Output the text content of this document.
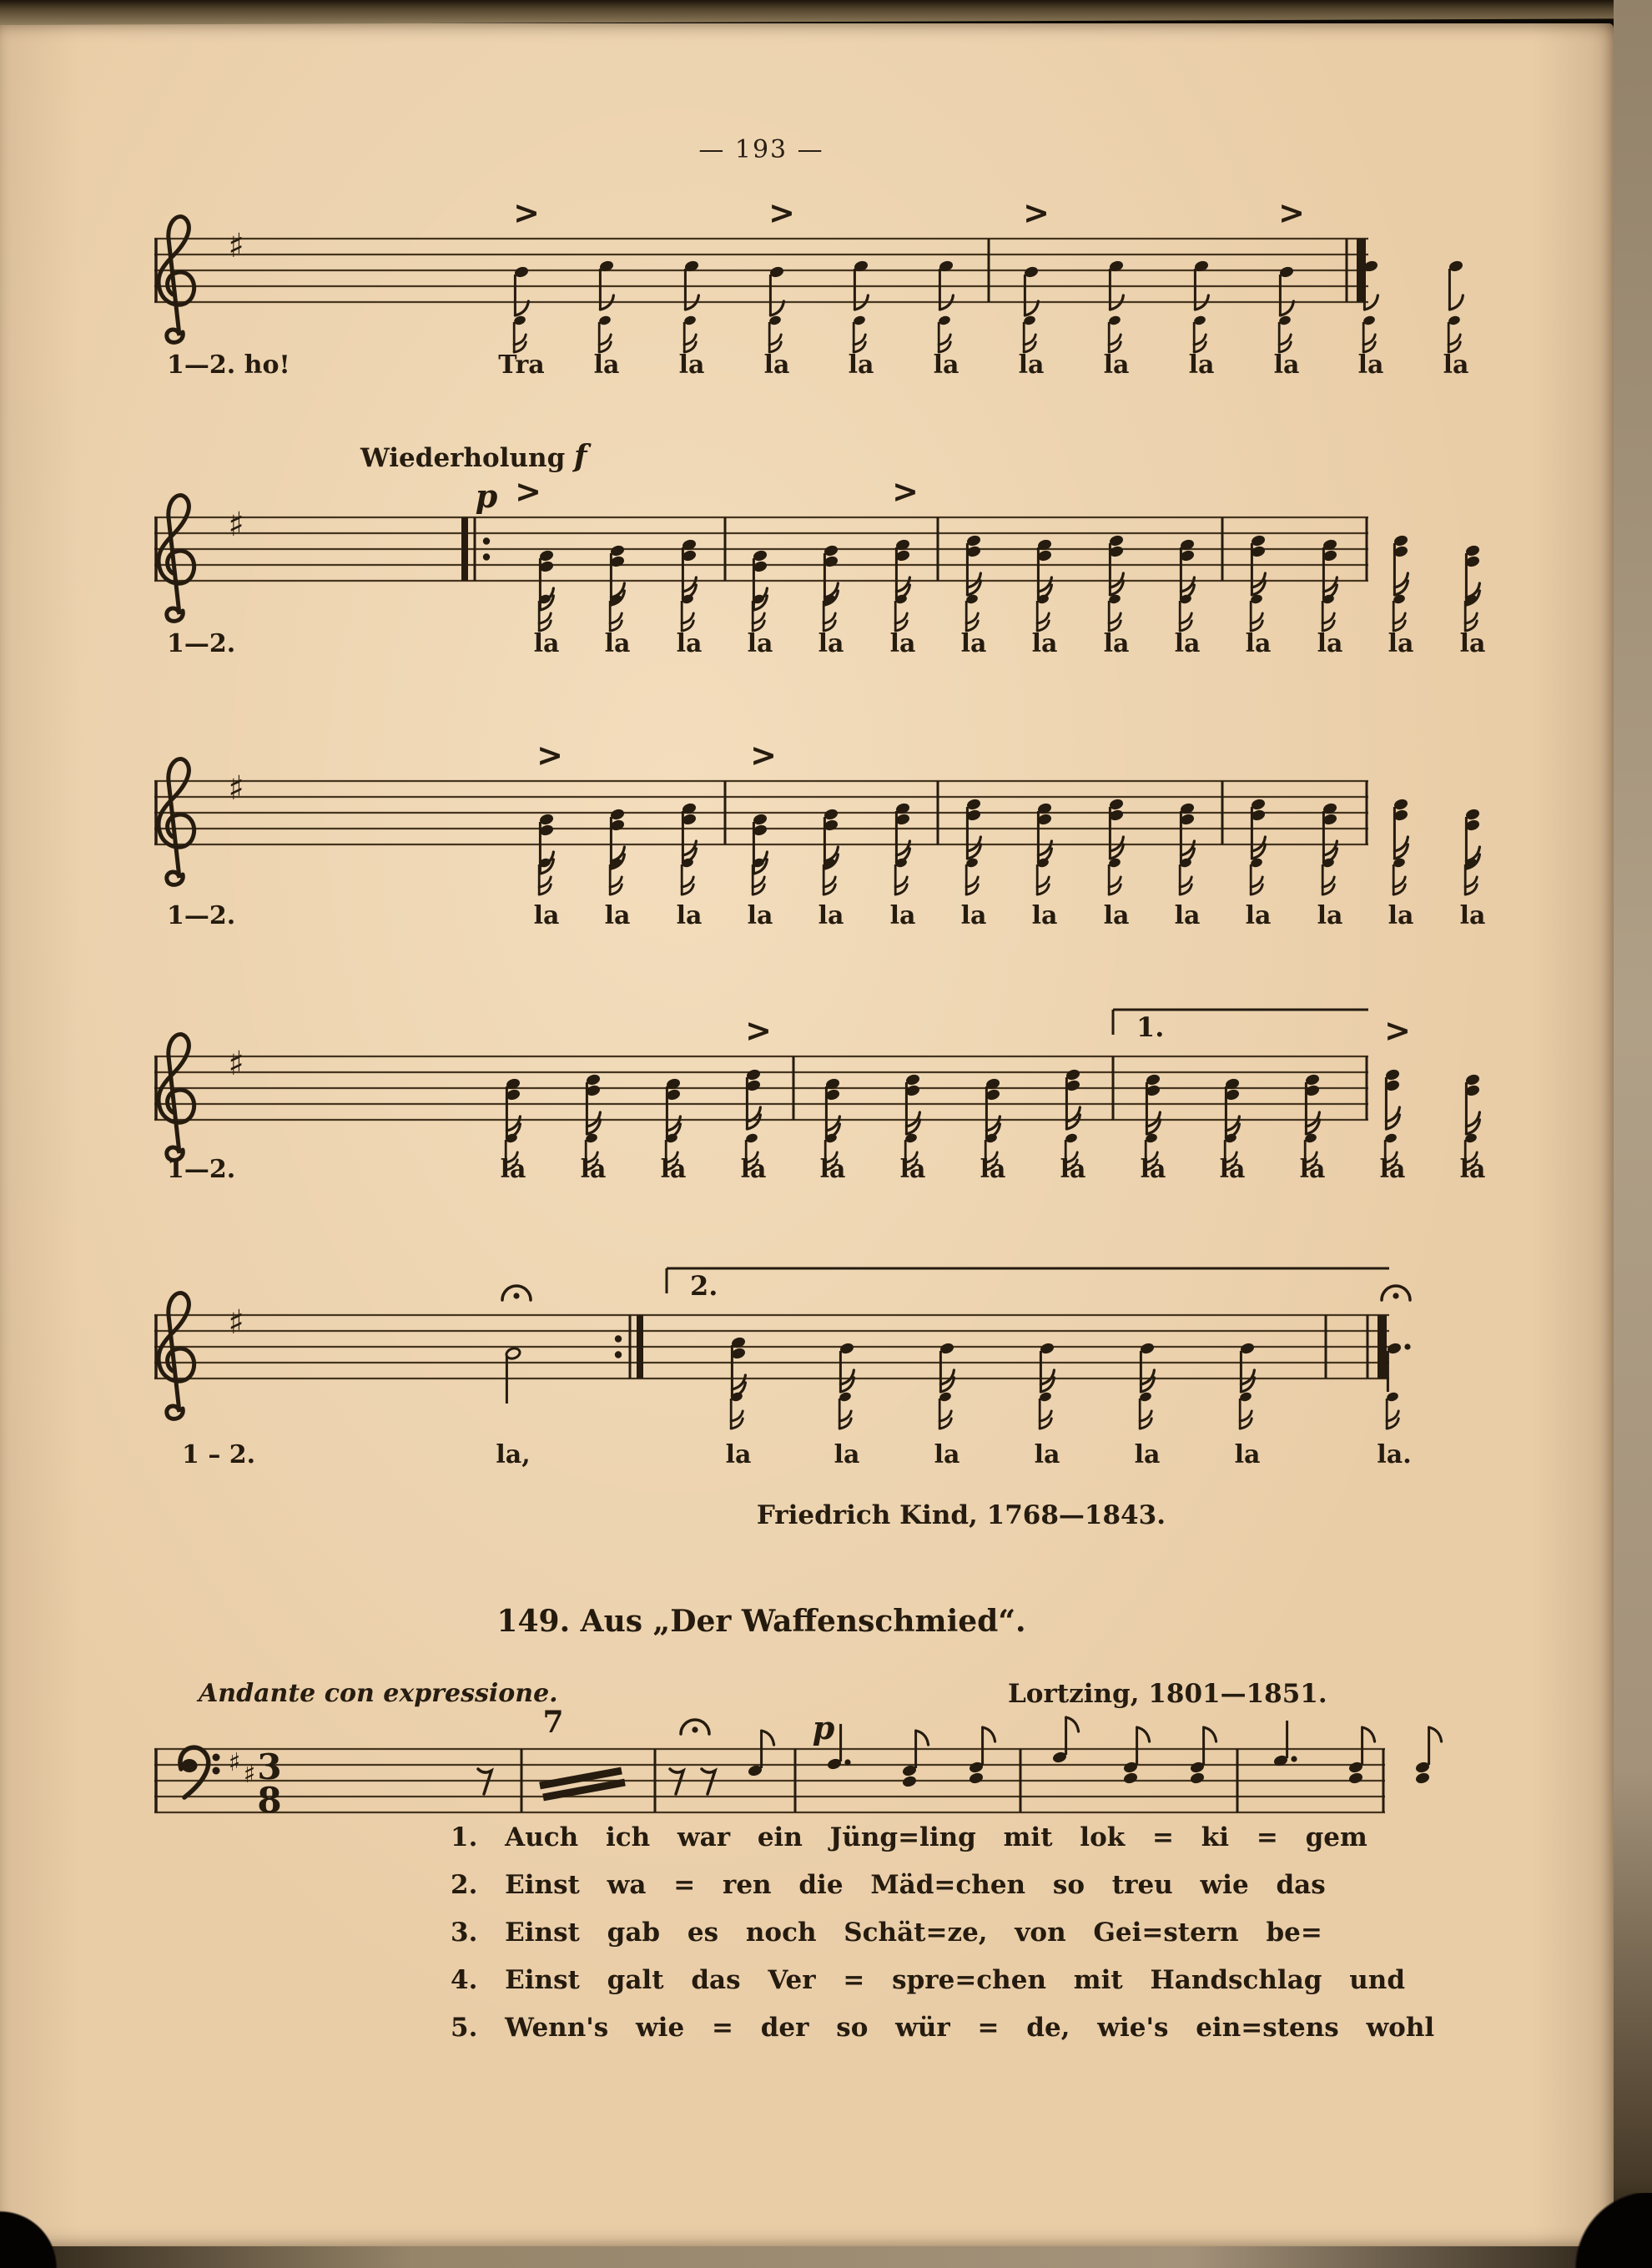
— 193 —
♯
>	>	>	>
1—2. ho!	Tra	la	la	la	la	la	la	la	la	la	la	la
♯
p >	>
Wiederholung f
1—2.	la	la	la	la	la	la	la	la	la	la	la	la	la	la
♯
>	>
1—2.	la	la	la	la	la	la	la	la	la	la	la	la	la	la
♯
>	>
1.
1—2.	la	la	la	la	la	la	la	la	la	la	la	la	la
♯
2.
1 – 2.	la,	la	la	la	la	la	la	la.
♯ ♯ 3
8
7	p
Friedrich Kind, 1768—1843.
149. Aus „Der Waffenschmied“.
Andante con expressione.	Lortzing, 1801—1851.
1. Auch ich war ein Jüng=ling mit lok = ki = gem
2. Einst wa = ren die Mäd=chen so treu wie das
3. Einst gab es noch Schät=ze, von Gei=stern be=
4. Einst galt das Ver = spre=chen mit Handschlag und
5. Wenn's wie = der so wür = de, wie's ein=stens wohl
